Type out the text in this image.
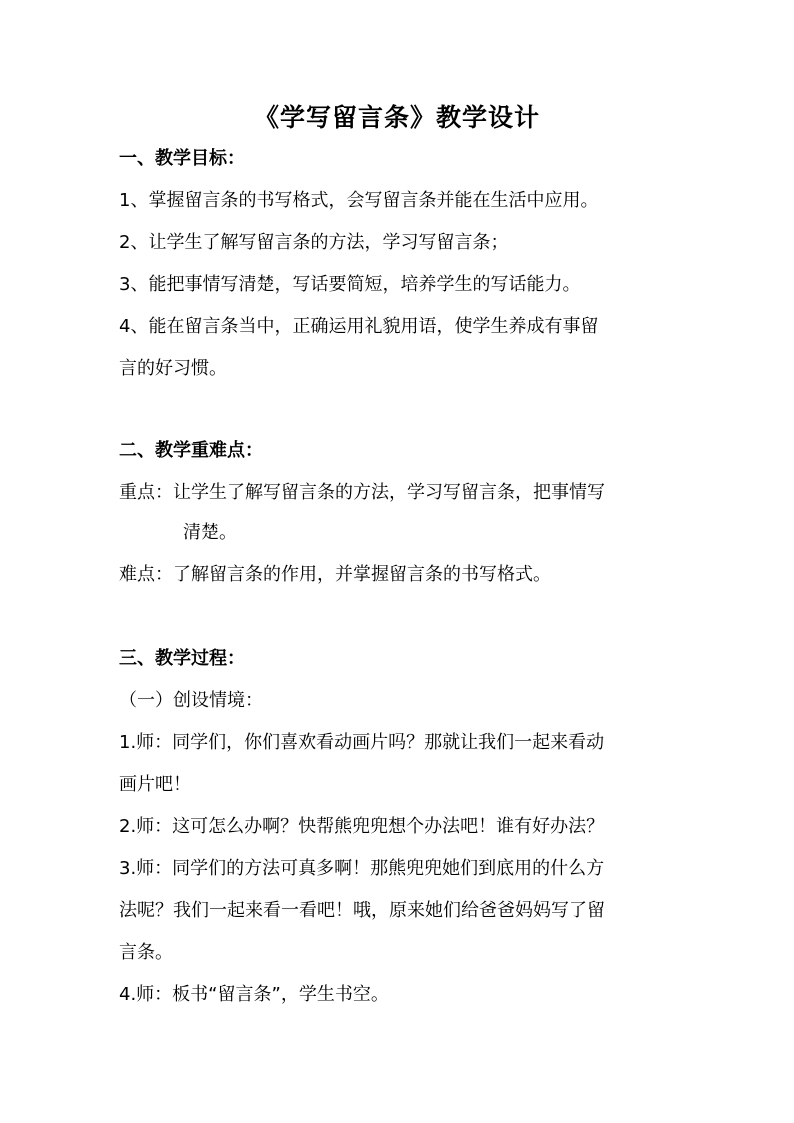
《学写留言条》教学设计
一、教学目标：
1、掌握留言条的书写格式，会写留言条并能在生活中应用。
2、让学生了解写留言条的方法，学习写留言条；
3、能把事情写清楚，写话要简短，培养学生的写话能力。
4、能在留言条当中，正确运用礼貌用语，使学生养成有事留
言的好习惯。
二、教学重难点：
重点：让学生了解写留言条的方法，学习写留言条，把事情写
清楚。
难点：了解留言条的作用，并掌握留言条的书写格式。
三、教学过程：
（一）创设情境：
1.师：同学们，你们喜欢看动画片吗？那就让我们一起来看动
画片吧！
2.师：这可怎么办啊？快帮熊兜兜想个办法吧！谁有好办法？
3.师：同学们的方法可真多啊！那熊兜兜她们到底用的什么方
法呢？我们一起来看一看吧！哦，原来她们给爸爸妈妈写了留
言条。
4.师：板书“留言条”，学生书空。
